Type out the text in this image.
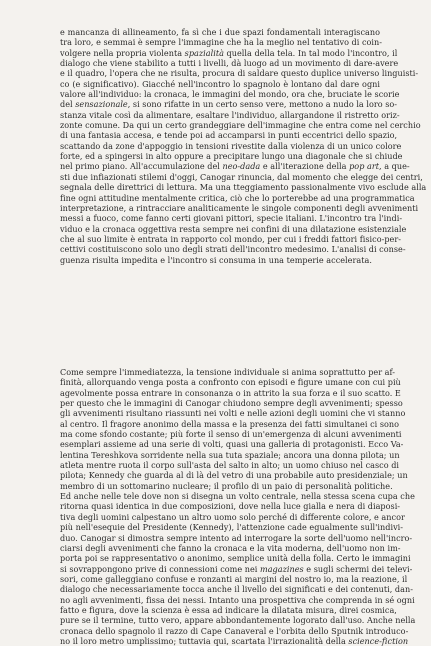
e mancanza di allineamento, fa sì che i due spazi fondamentali interagiscano
tra loro, e semmai è sempre l'immagine che ha la meglio nel tentativo di coin-
volgere nella propria violenta spazialità quella della tela. In tal modo l'incontro, il
dialogo che viene stabilito a tutti i livelli, dà luogo ad un movimento di dare-avere
e il quadro, l'opera che ne risulta, procura di saldare questo duplice universo linguisti-
co (e significativo). Giacché nell'incontro lo spagnolo è lontano dal dare ogni
valore all'individuo: la cronaca, le immagini del mondo, ora che, bruciate le scorie
del sensazionale, si sono rifatte in un certo senso vere, mettono a nudo la loro so-
stanza vitale così da alimentare, esaltare l'individuo, allargandone il ristretto oriz-
zonte comune. Da qui un certo grandeggiare dell'immagine che entra come nel cerchio
di una fantasia accesa, e tende poi ad accamparsi in punti eccentrici dello spazio,
scattando da zone d'appoggio in tensioni rivestite dalla violenza di un unico colore
forte, ed a spingersi in alto oppure a precipitare lungo una diagonale che si chiude
nel primo piano. All'accumulazione del neo-dada e all'iterazione della pop art, a que-
sti due infiazionati stilemi d'oggi, Canogar rinuncia, dal momento che elegge dei centri,
segnala delle direttrici di lettura. Ma una tteggiamento passionalmente vivo esclude alla
fine ogni attitudine mentalmente critica, ciò che lo porterebbe ad una programmatica
interpretazione, a rintracciare analiticamente le singole componenti degli avvenimenti
messi a fuoco, come fanno certi giovani pittori, specie italiani. L'incontro tra l'indi-
viduo e la cronaca oggettiva resta sempre nei confini di una dilatazione esistenziale
che al suo limite è entrata in rapporto col mondo, per cui i freddi fattori fisico-per-
cettivi costituiscono solo uno degli strati dell'incontro medesimo. L'analisi di conse-
guenza risulta impedita e l'incontro si consuma in una temperie accelerata.

Come sempre l'immediatezza, la tensione individuale si anima soprattutto per af-
finità, allorquando venga posta a confronto con episodi e figure umane con cui più
agevolmente possa entrare in consonanza o in attrito la sua forza e il suo scatto. E
per questo che le immagini di Canogar chiudono sempre degli avvenimenti; spesso
gli avvenimenti risultano riassunti nei volti e nelle azioni degli uomini che vi stanno
al centro. Il fragore anonimo della massa e la presenza dei fatti simultanei ci sono
ma come sfondo costante; più forte il senso di un'emergenza di alcuni avvenimenti
esemplari assieme ad una serie di volti, quasi una galleria di protagonisti. Ecco Va-
lentina Tereshkova sorridente nella sua tuta spaziale; ancora una donna pilota; un
atleta mentre ruota il corpo sull'asta del salto in alto; un uomo chiuso nel casco di
pilota; Kennedy che guarda al di là del vetro di una probabile auto presidenziale; un
membro di un sottomarino nucleare; il profilo di un paio di personalità politiche.
Ed anche nelle tele dove non si disegna un volto centrale, nella stessa scena cupa che
ritorna quasi identica in due composizioni, dove nella luce gialla e nera di diaposi-
tiva degli uomini calpestano un altro uomo solo perché di differente colore, e ancor
più nell'esequie del Presidente (Kennedy), l'attenzione cade egualmente sull'indivi-
duo. Canogar si dimostra sempre intento ad interrogare la sorte dell'uomo nell'incro-
ciarsi degli avvenimenti che fanno la cronaca e la vita moderna, dell'uomo non im-
porta poi se rappresentativo o anonimo, semplice unità della folla. Certo le immagini
si sovrappongono prive di connessioni come nei magazines e sugli schermi dei televi-
sori, come galleggiano confuse e ronzanti ai margini del nostro io, ma la reazione, il
dialogo che necessariamente tocca anche il livello dei significati e dei contenuti, dan-
no agli avvenimenti, fissa dei nessi. Intanto una prospettiva che comprenda in sé ogni
fatto e figura, dove la scienza è essa ad indicare la dilatata misura, direi cosmica,
pure se il termine, tutto vero, appare abbondantemente logorato dall'uso. Anche nella
cronaca dello spagnolo il razzo di Cape Canaveral e l'orbita dello Sputnik introduco-
no il loro metro umplissimo; tuttavia qui, scartata l'irrazionalità della science-fiction
